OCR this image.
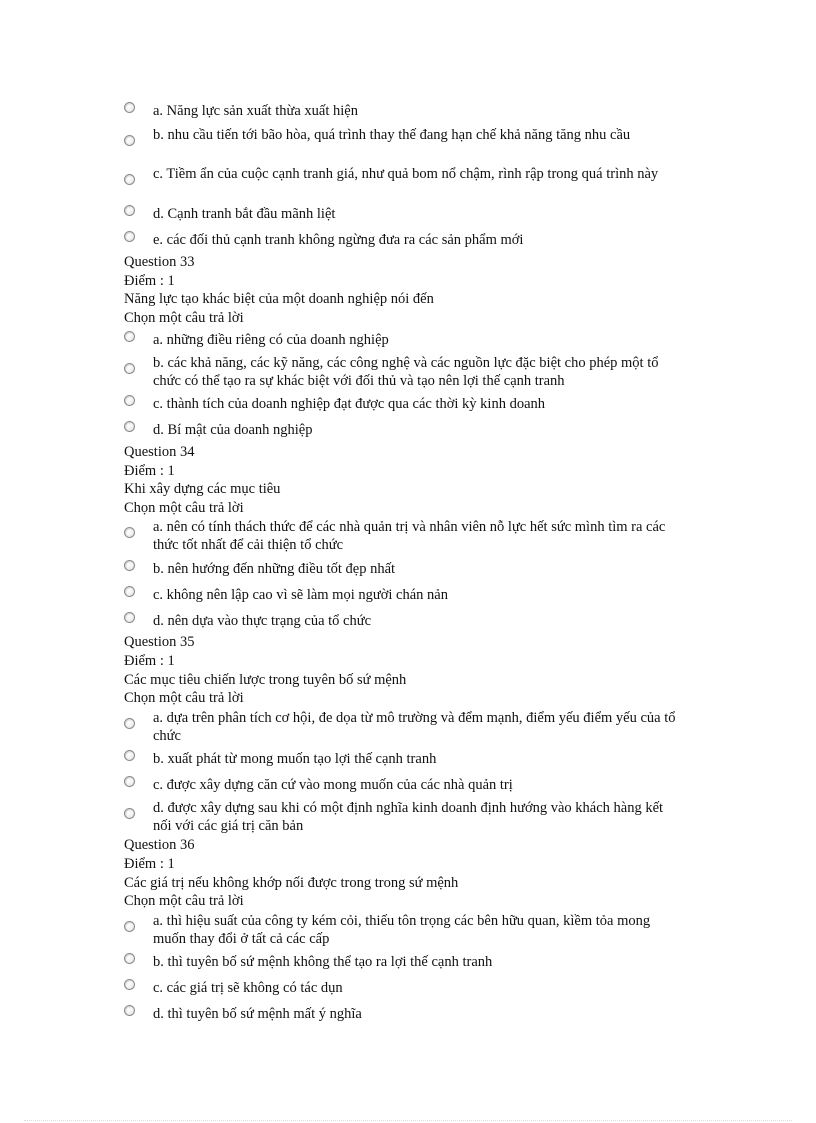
a. Năng lực sản xuất thừa xuất hiện
b. nhu cầu tiến tới bão hòa, quá trình thay thế đang hạn chế khả năng tăng nhu cầu
c. Tiềm ẩn của cuộc cạnh tranh giá, như quả bom nổ chậm, rình rập trong quá trình này
d. Cạnh tranh bắt đầu mãnh liệt
e. các đối thủ cạnh tranh không ngừng đưa ra các sản phẩm mới
Question 33
Điểm : 1
Năng lực tạo khác biệt của một doanh nghiệp nói đến
Chọn một câu trả lời
a. những điều riêng có của doanh nghiệp
b. các khả năng, các kỹ năng, các công nghệ và các nguồn lực đặc biệt cho phép một tổ chức có thể tạo ra sự khác biệt với đối thủ và tạo nên lợi thế cạnh tranh
c. thành tích của doanh nghiệp đạt được qua các thời kỳ kinh doanh
d. Bí mật của doanh nghiệp
Question 34
Điểm : 1
Khi xây dựng các mục tiêu
Chọn một câu trả lời
a. nên có tính thách thức để các nhà quản trị và nhân viên nỗ lực hết sức mình tìm ra các thức tốt nhất để cải thiện tổ chức
b. nên hướng đến những điều tốt đẹp nhất
c. không nên lập cao vì sẽ làm mọi người chán nản
d. nên dựa vào thực trạng của tổ chức
Question 35
Điểm : 1
Các mục tiêu chiến lược trong tuyên bố sứ mệnh
Chọn một câu trả lời
a. dựa trên phân tích cơ hội, đe dọa từ mô trường và đểm mạnh, điểm yếu điểm yếu của tổ chức
b. xuất phát từ mong muốn tạo lợi thế cạnh tranh
c. được xây dựng căn cứ vào mong muốn của các nhà quản trị
d. được xây dựng sau khi có một định nghĩa kinh doanh định hướng vào khách hàng kết nối với các giá trị căn bản
Question 36
Điểm : 1
Các giá trị nếu không khớp nối được trong trong sứ mệnh
Chọn một câu trả lời
a. thì hiệu suất của công ty kém cỏi, thiếu tôn trọng các bên hữu quan, kìềm tỏa mong muốn thay đổi ở tất cả các cấp
b. thì tuyên bố sứ mệnh không thể tạo ra lợi thế cạnh tranh
c. các giá trị sẽ không có tác dụn
d. thì tuyên bố sứ mệnh mất ý nghĩa
